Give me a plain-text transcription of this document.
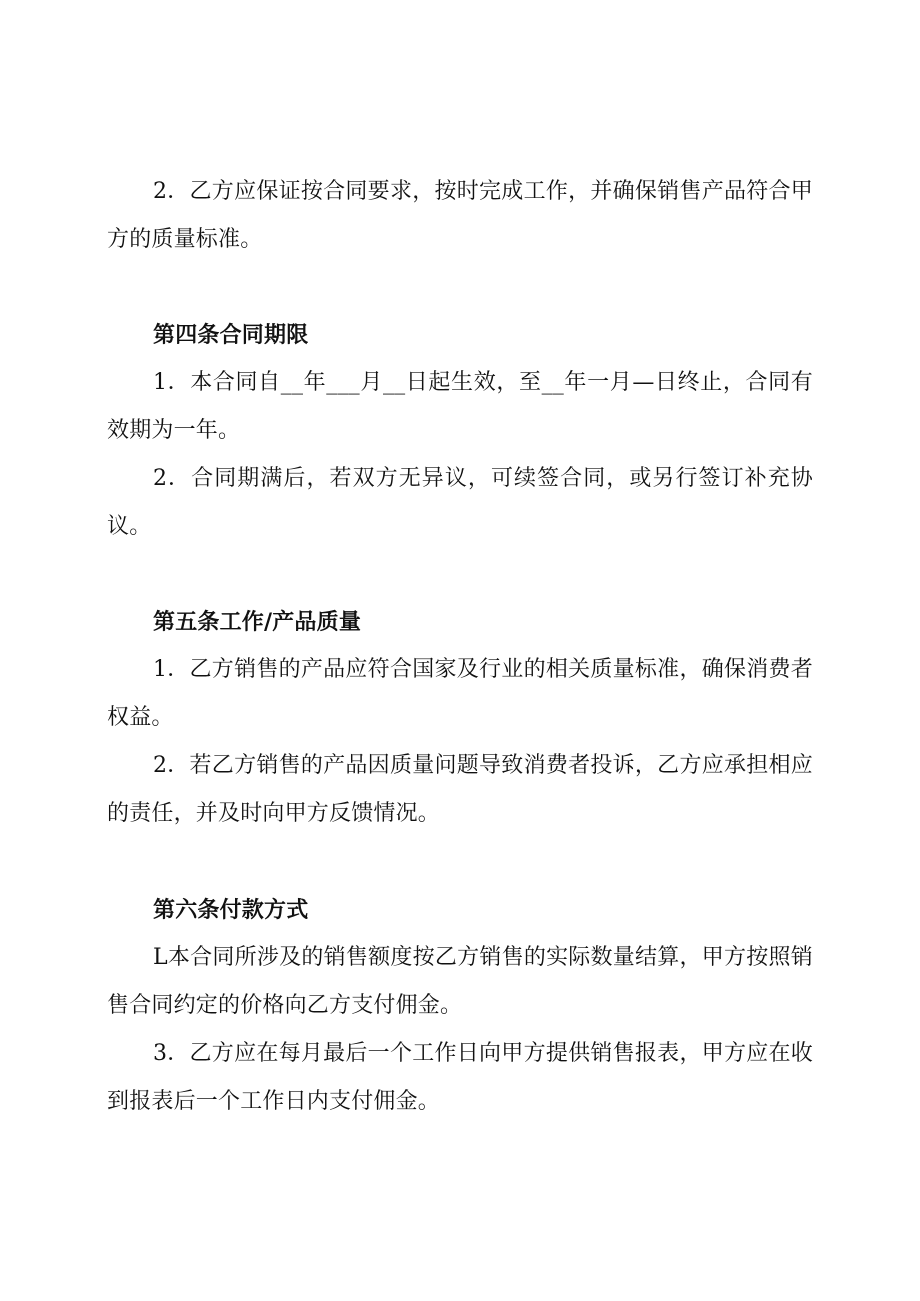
2．乙方应保证按合同要求，按时完成工作，并确保销售产品符合甲方的质量标准。

第四条合同期限

1．本合同自__年___月__日起生效，至__年一月—日终止，合同有效期为一年。

2．合同期满后，若双方无异议，可续签合同，或另行签订补充协议。

第五条工作/产品质量

1．乙方销售的产品应符合国家及行业的相关质量标准，确保消费者权益。

2．若乙方销售的产品因质量问题导致消费者投诉，乙方应承担相应的责任，并及时向甲方反馈情况。

第六条付款方式

L本合同所涉及的销售额度按乙方销售的实际数量结算，甲方按照销售合同约定的价格向乙方支付佣金。

3．乙方应在每月最后一个工作日向甲方提供销售报表，甲方应在收到报表后一个工作日内支付佣金。
